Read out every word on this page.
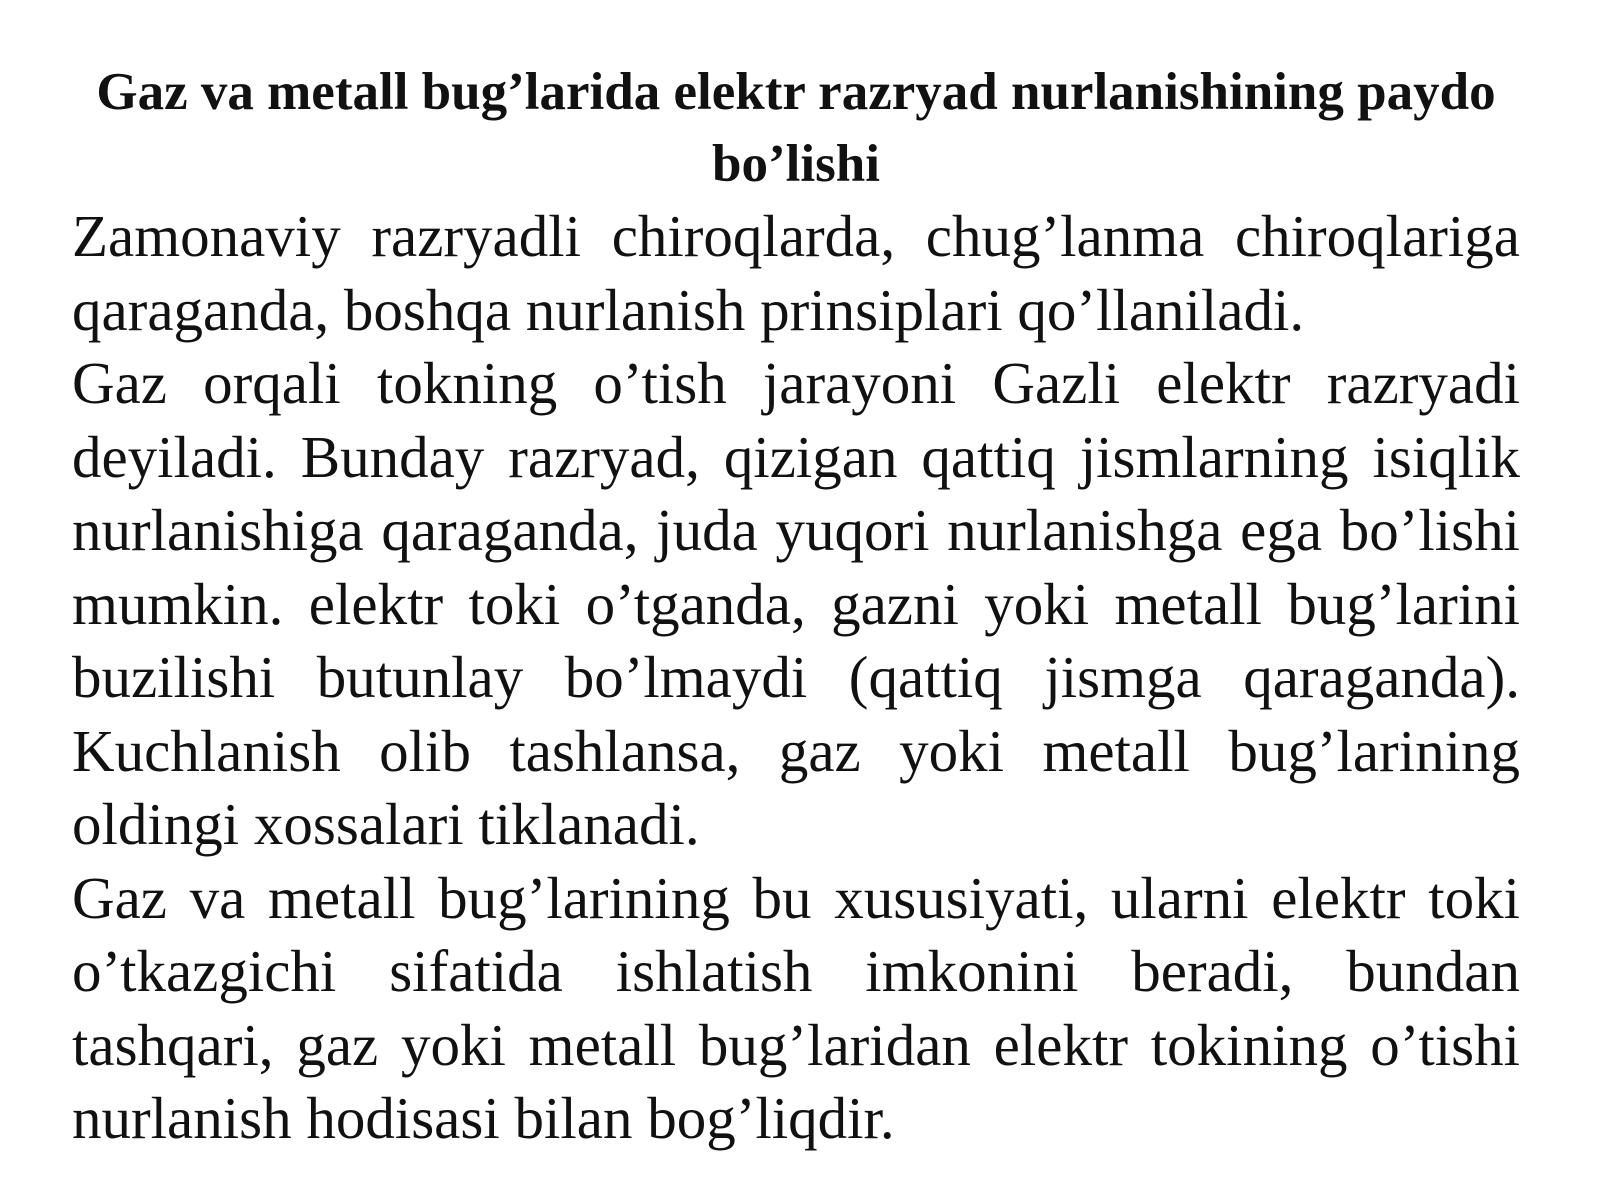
Gaz va metall bug’larida elektr razryad nurlanishining paydo bo’lishi

Zamonaviy razryadli chiroqlarda, chug’lanma chiroqlariga qaraganda, boshqa nurlanish prinsiplari qo’llaniladi.

Gaz orqali tokning o’tish jarayoni Gazli elektr razryadi deyiladi. Bunday razryad, qizigan qattiq jismlarning isiqlik nurlanishiga qaraganda, juda yuqori nurlanishga ega bo’lishi mumkin. elektr toki o’tganda, gazni yoki metall bug’larini buzilishi butunlay bo’lmaydi (qattiq jismga qaraganda). Kuchlanish olib tashlansa, gaz yoki metall bug’larining oldingi xossalari tiklanadi.

Gaz va metall bug’larining bu xususiyati, ularni elektr toki o’tkazgichi sifatida ishlatish imkonini beradi, bundan tashqari, gaz yoki metall bug’laridan elektr tokining o’tishi nurlanish hodisasi bilan bog’liqdir.
